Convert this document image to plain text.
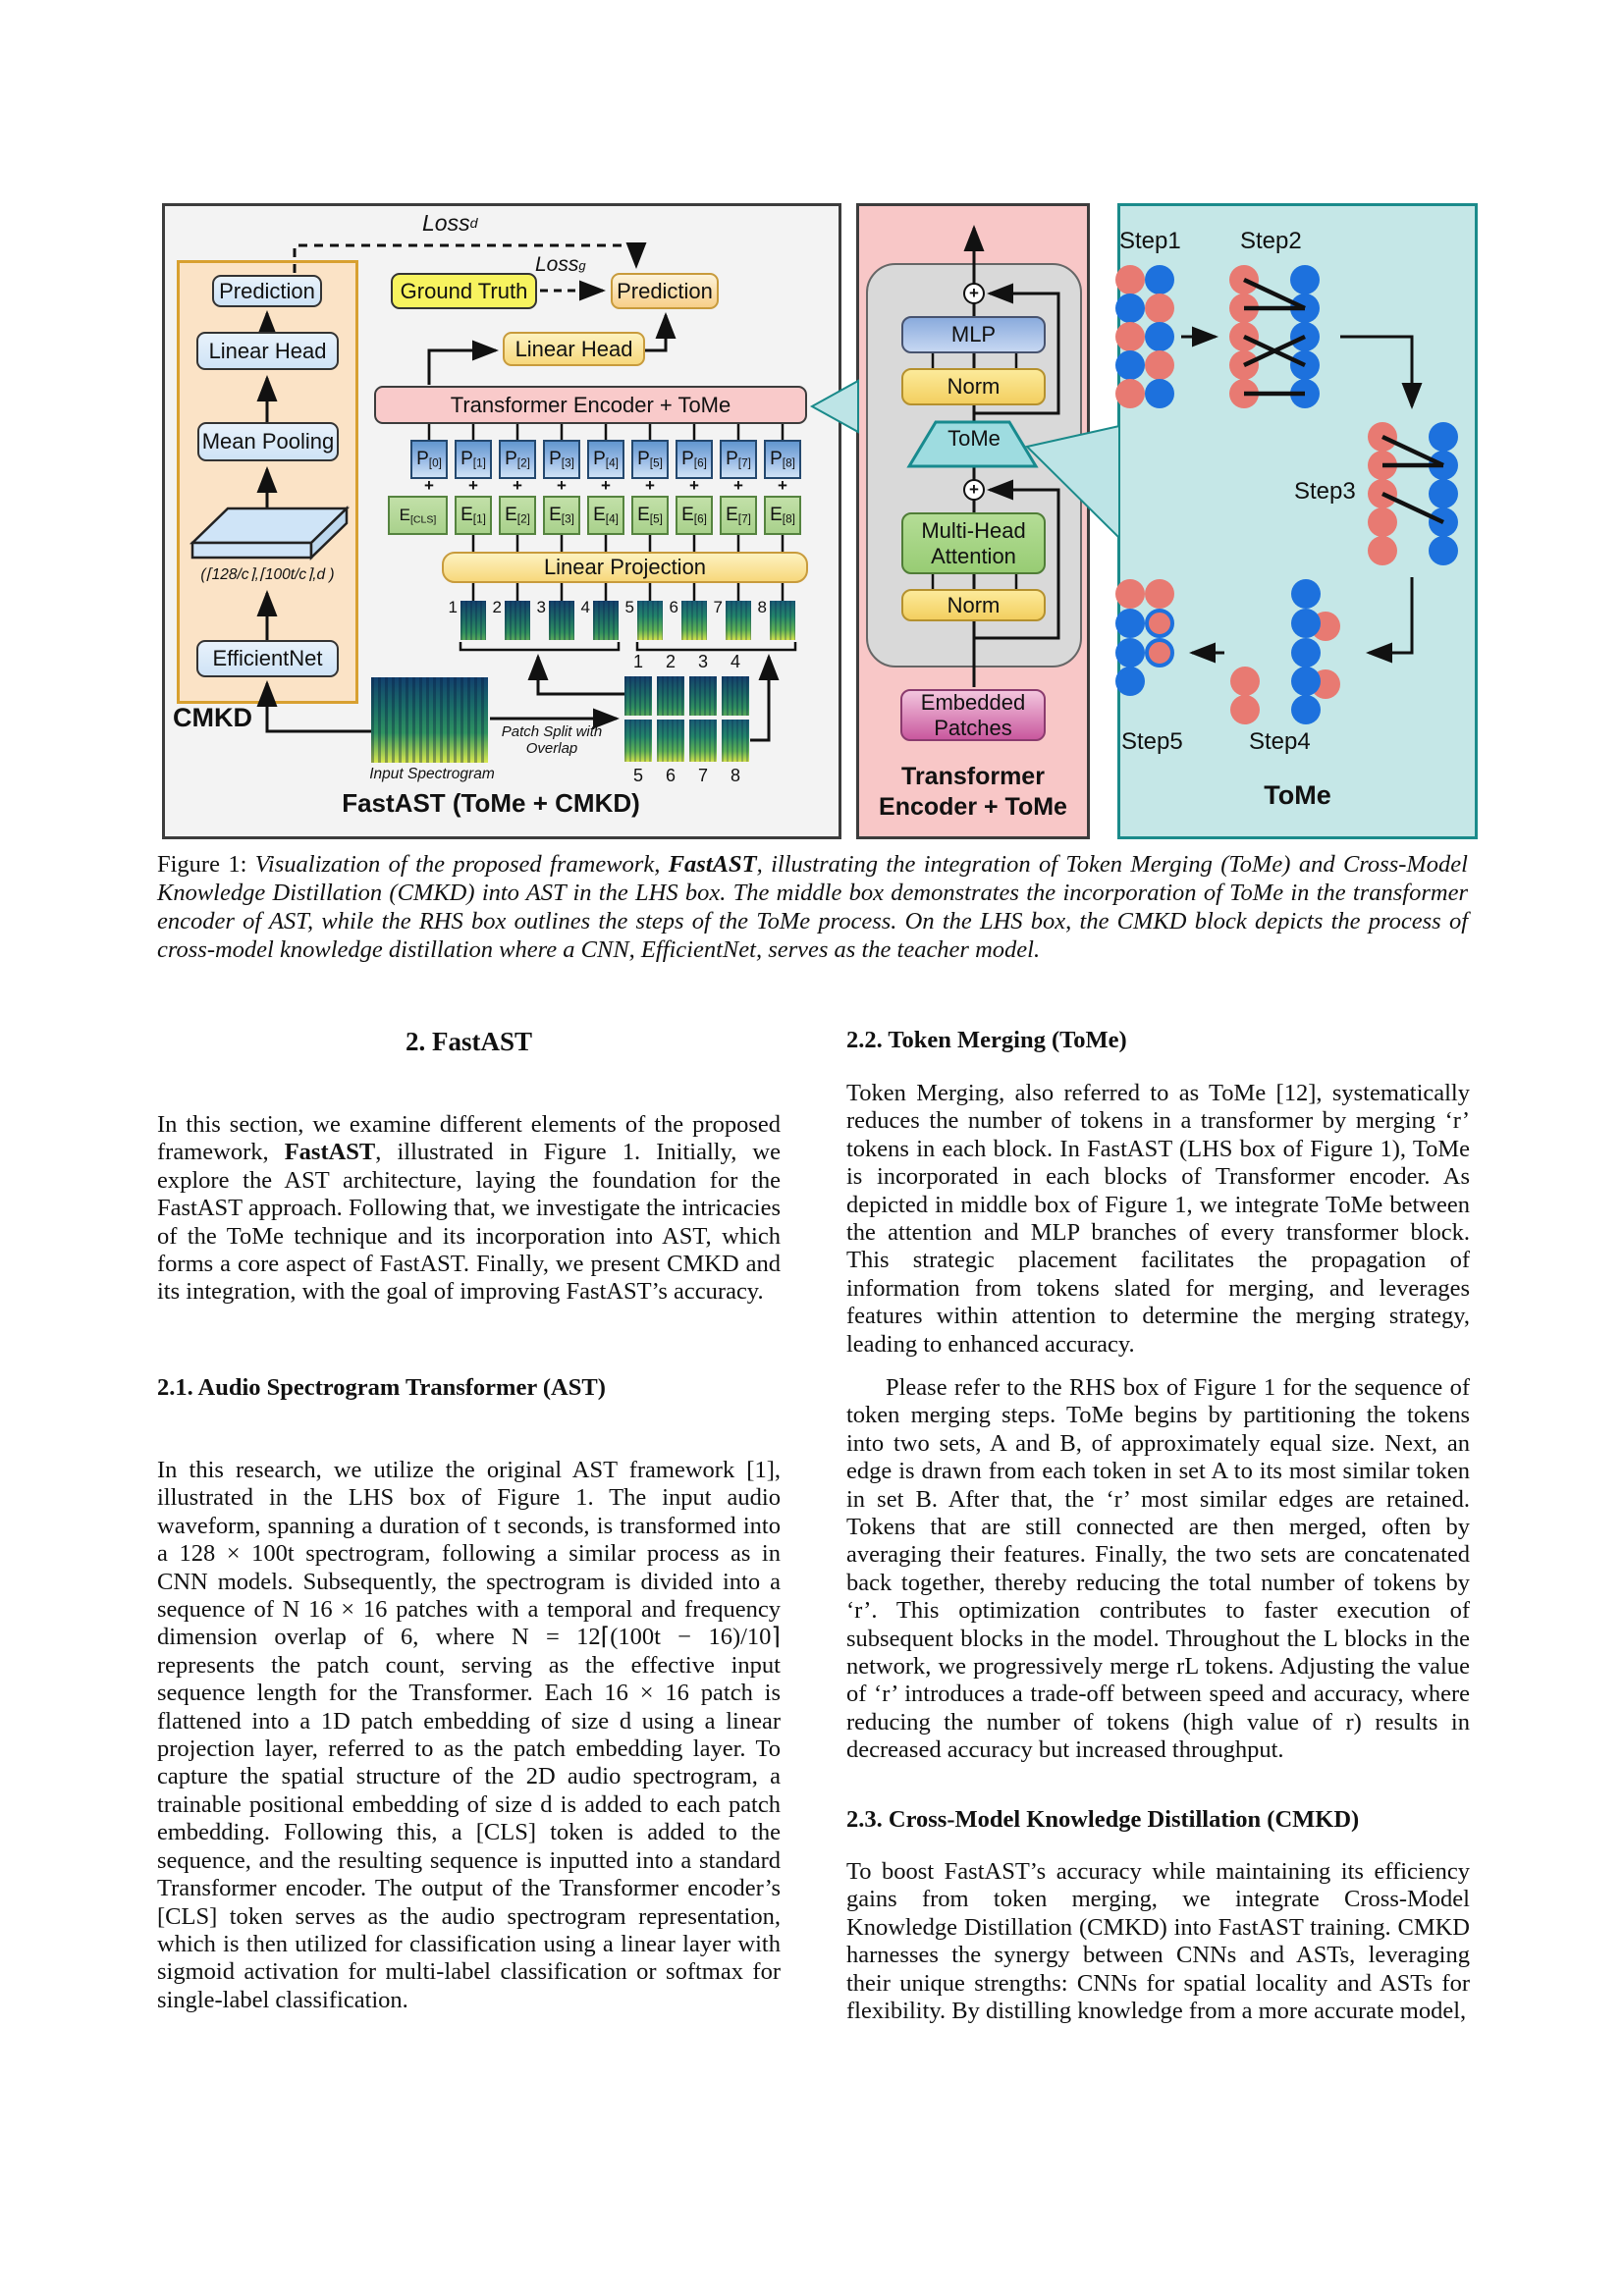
Loss d
Loss g
Ground Truth	Prediction
Linear Head
Transformer Encoder + ToMe
P[0]
+
E[CLS]
P[1]
+
E[1]
P[2]
+
E[2]
P[3]
+
E[3]
P[4]
+
E[4]
P[5]
+
E[5]
P[6]
+
E[6]
P[7]
+
E[7]
P[8]
+
E[8]
Linear Projection
1	2	3	4	5	6	7	8
1
5
2
6
3
7
4
8
Input Spectrogram
Patch Split with Overlap
FastAST (ToMe + CMKD)
Prediction
Linear Head
Mean Pooling
(⌈128/c⌉,⌈100t/c⌉,d )
EfficientNet
CMKD
+
MLP
Norm
ToMe
+
Multi-Head
Attention
Norm
Embedded
Patches
Transformer
Encoder + ToMe
Step1	Step2
Step3
Step4
Step5
ToMe
Figure 1: Visualization of the proposed framework, FastAST, illustrating the integration of Token Merging (ToMe) and Cross-Model Knowledge Distillation (CMKD) into AST in the LHS box. The middle box demonstrates the incorporation of ToMe in the transformer encoder of AST, while the RHS box outlines the steps of the ToMe process. On the LHS box, the CMKD block depicts the process of cross-model knowledge distillation where a CNN, EfficientNet, serves as the teacher model.
2. FastAST
In this section, we examine different elements of the proposed framework, FastAST, illustrated in Figure 1. Initially, we explore the AST architecture, laying the foundation for the FastAST approach. Following that, we investigate the intricacies of the ToMe technique and its incorporation into AST, which forms a core aspect of FastAST. Finally, we present CMKD and its integration, with the goal of improving FastAST’s accuracy.
2.1. Audio Spectrogram Transformer (AST)
In this research, we utilize the original AST framework [1], illustrated in the LHS box of Figure 1. The input audio waveform, spanning a duration of t seconds, is transformed into a 128 × 100t spectrogram, following a similar process as in CNN models. Subsequently, the spectrogram is divided into a sequence of N 16 × 16 patches with a temporal and frequency dimension overlap of 6, where N = 12⌈(100t − 16)/10⌉ represents the patch count, serving as the effective input sequence length for the Transformer. Each 16 × 16 patch is flattened into a 1D patch embedding of size d using a linear projection layer, referred to as the patch embedding layer. To capture the spatial structure of the 2D audio spectrogram, a trainable positional embedding of size d is added to each patch embedding. Following this, a [CLS] token is added to the sequence, and the resulting sequence is inputted into a standard Transformer encoder. The output of the Transformer encoder’s [CLS] token serves as the audio spectrogram representation, which is then utilized for classification using a linear layer with sigmoid activation for multi-label classification or softmax for single-label classification.
2.2. Token Merging (ToMe)
Token Merging, also referred to as ToMe [12], systematically reduces the number of tokens in a transformer by merging ‘r’ tokens in each block. In FastAST (LHS box of Figure 1), ToMe is incorporated in each blocks of Transformer encoder. As depicted in middle box of Figure 1, we integrate ToMe between the attention and MLP branches of every transformer block. This strategic placement facilitates the propagation of information from tokens slated for merging, and leverages features within attention to determine the merging strategy, leading to enhanced accuracy.
Please refer to the RHS box of Figure 1 for the sequence of token merging steps. ToMe begins by partitioning the tokens into two sets, A and B, of approximately equal size. Next, an edge is drawn from each token in set A to its most similar token in set B. After that, the ‘r’ most similar edges are retained. Tokens that are still connected are then merged, often by averaging their features. Finally, the two sets are concatenated back together, thereby reducing the total number of tokens by ‘r’. This optimization contributes to faster execution of subsequent blocks in the model. Throughout the L blocks in the network, we progressively merge rL tokens. Adjusting the value of ‘r’ introduces a trade-off between speed and accuracy, where reducing the number of tokens (high value of r) results in decreased accuracy but increased throughput.
2.3. Cross-Model Knowledge Distillation (CMKD)
To boost FastAST’s accuracy while maintaining its efficiency gains from token merging, we integrate Cross-Model Knowledge Distillation (CMKD) into FastAST training. CMKD harnesses the synergy between CNNs and ASTs, leveraging their unique strengths: CNNs for spatial locality and ASTs for flexibility. By distilling knowledge from a more accurate model,
